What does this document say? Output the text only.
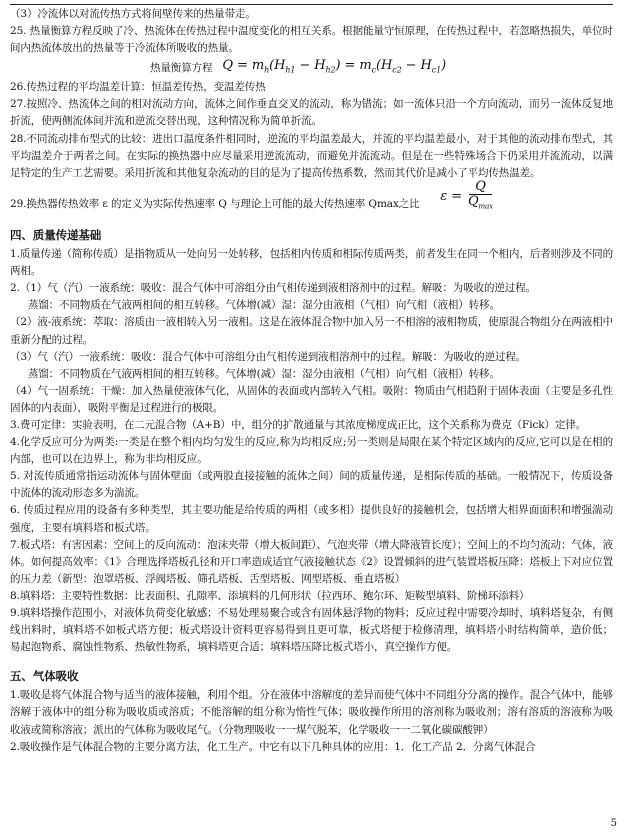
（3）冷流体以对流传热方式将间壁传来的热量带走。

25. 热量衡算方程反映了冷、热流体在传热过程中温度变化的相互关系。根据能量守恒原理，在传热过程中，若忽略热损失，单位时间内热流体放出的热量等于冷流体所吸收的热量。

热量衡算方程 $Q = m_h(H_{h1} - H_{h2}) = m_c(H_{c2} - H_{c1})$

26.传热过程的平均温差计算：恒温差传热，变温差传热

27.按照冷、热流体之间的相对流动方向，流体之间作垂直交叉的流动，称为错流；如一流体只沿一个方向流动，而另一流体反复地折流，使两侧流体间并流和逆流交替出现，这种情况称为简单折流。

28.不同流动排布型式的比较：进出口温度条件相同时，逆流的平均温差最大，并流的平均温差最小，对于其他的流动排布型式，其平均温差介于两者之间。在实际的换热器中应尽量采用逆流流动，而避免并流流动。但是在一些特殊场合下仍采用并流流动，以满足特定的生产工艺需要。采用折流和其他复杂流动的目的是为了提高传热系数，然而其代价是减小了平均传热温差。

29.换热器传热效率 ε 的定义为实际传热速率 Q 与理论上可能的最大传热速率 Qmax之比	$\varepsilon = \frac{Q}{Q_{max}}$
四、质量传递基础

1.质量传递（简称传质）是指物质从一处向另一处转移，包括相内传质和相际传质两类，前者发生在同一个相内，后者则涉及不同的两相。

2.（1）气（汽）一液系统：吸收：混合气体中可溶组分由气相传递到液相溶剂中的过程。解吸：为吸收的逆过程。

蒸馏：不同物质在气液两相间的相互转移。气体增(减）湿：湿分由液相（气相）向气相（液相）转移。

（2）液-液系统：萃取：溶质由一液相转入另一液相。这是在液体混合物中加入另一不相溶的液相物质，使原混合物组分在两液相中重新分配的过程。

（3）气（汽）一液系统：吸收：混合气体中可溶组分由气相传递到液相溶剂中的过程。解吸：为吸收的逆过程。

蒸馏：不同物质在气液两相间的相互转移。气体增(减）湿：湿分由液相（气相）向气相（液相）转移。

（4）气一固系统：干燥：加入热量使液体气化，从固体的表面或内部转入气相。吸附：物质由气相趋附于固体表面（主要是多孔性固体的内表面），吸附平衡是过程进行的极限。

3.费可定律：实验表明，在二元混合物（A+B）中，组分的扩散通量与其浓度梯度成正比，这个关系称为费克（Fick）定律。

4.化学反应可分为两类:一类是在整个相内均匀发生的反应,称为均相反应;另一类则是局限在某个特定区域内的反应,它可以是在相的内部，也可以在边界上，称为非均相反应。

5. 对流传质通常指运动流体与固体壁面（或两股直接接触的流体之间）间的质量传递，是相际传质的基础。一般情况下，传质设备中流体的流动形态多为湍流。

6. 传质过程应用的设备有多种类型，其主要功能是给传质的两相（或多相）提供良好的接触机会，包括增大相界面面积和增强湍动强度，主要有填料塔和板式塔。

7.板式塔：有害因素：空间上的反向流动：泡沫夹带（增大板间距）、气泡夹带（增大降液管长度）；空间上的不均匀流动：气体，液体。如何提高效率：《1》合理选择塔板孔径和开口率造成适宜气液接触状态《2》设置倾斜的进气装置塔板压降：塔板上下对应位置的压力差（新型：泡罩塔板、浮阀塔板、筛孔塔板、舌型塔板、网型塔板、垂直塔板）

8.填料塔：主要特性数据：比表面积、孔隙率、添填料的几何形状（拉西环、鲍尔环、矩鞍型填料、阶梯环添料）

9.填料塔操作范围小，对液体负荷变化敏感；不易处理易聚合或含有固体悬浮物的物料；反应过程中需要冷却时，填料塔复杂，有侧线出料时，填料塔不如板式塔方便；板式塔设计资料更容易得到且更可靠，板式塔便于检修清理，填料塔小时结构简单，造价低；易起泡物系、腐蚀性物系、热敏性物系，填料塔更合适；填料塔压降比板式塔小，真空操作方便。

五、气体吸收

1.吸收是将气体混合物与适当的液体接触，利用个组。分在液体中溶解度的差异而使气体中不同组分分离的操作。混合气体中，能够溶解于液体中的组分称为吸收质或溶质；不能溶解的组分称为惰性气体；吸收操作所用的溶剂称为吸收剂；溶有溶质的溶液称为吸收液或简称溶液；派出的气体称为吸收尾气。（分物理吸收一一煤气脱苯，化学吸收一一二氧化碳碳酸钾）

2.吸收操作是气体混合物的主要分离方法，化工生产。中它有以下几种具体的应用：1．化工产品 2．分离气体混合

5
